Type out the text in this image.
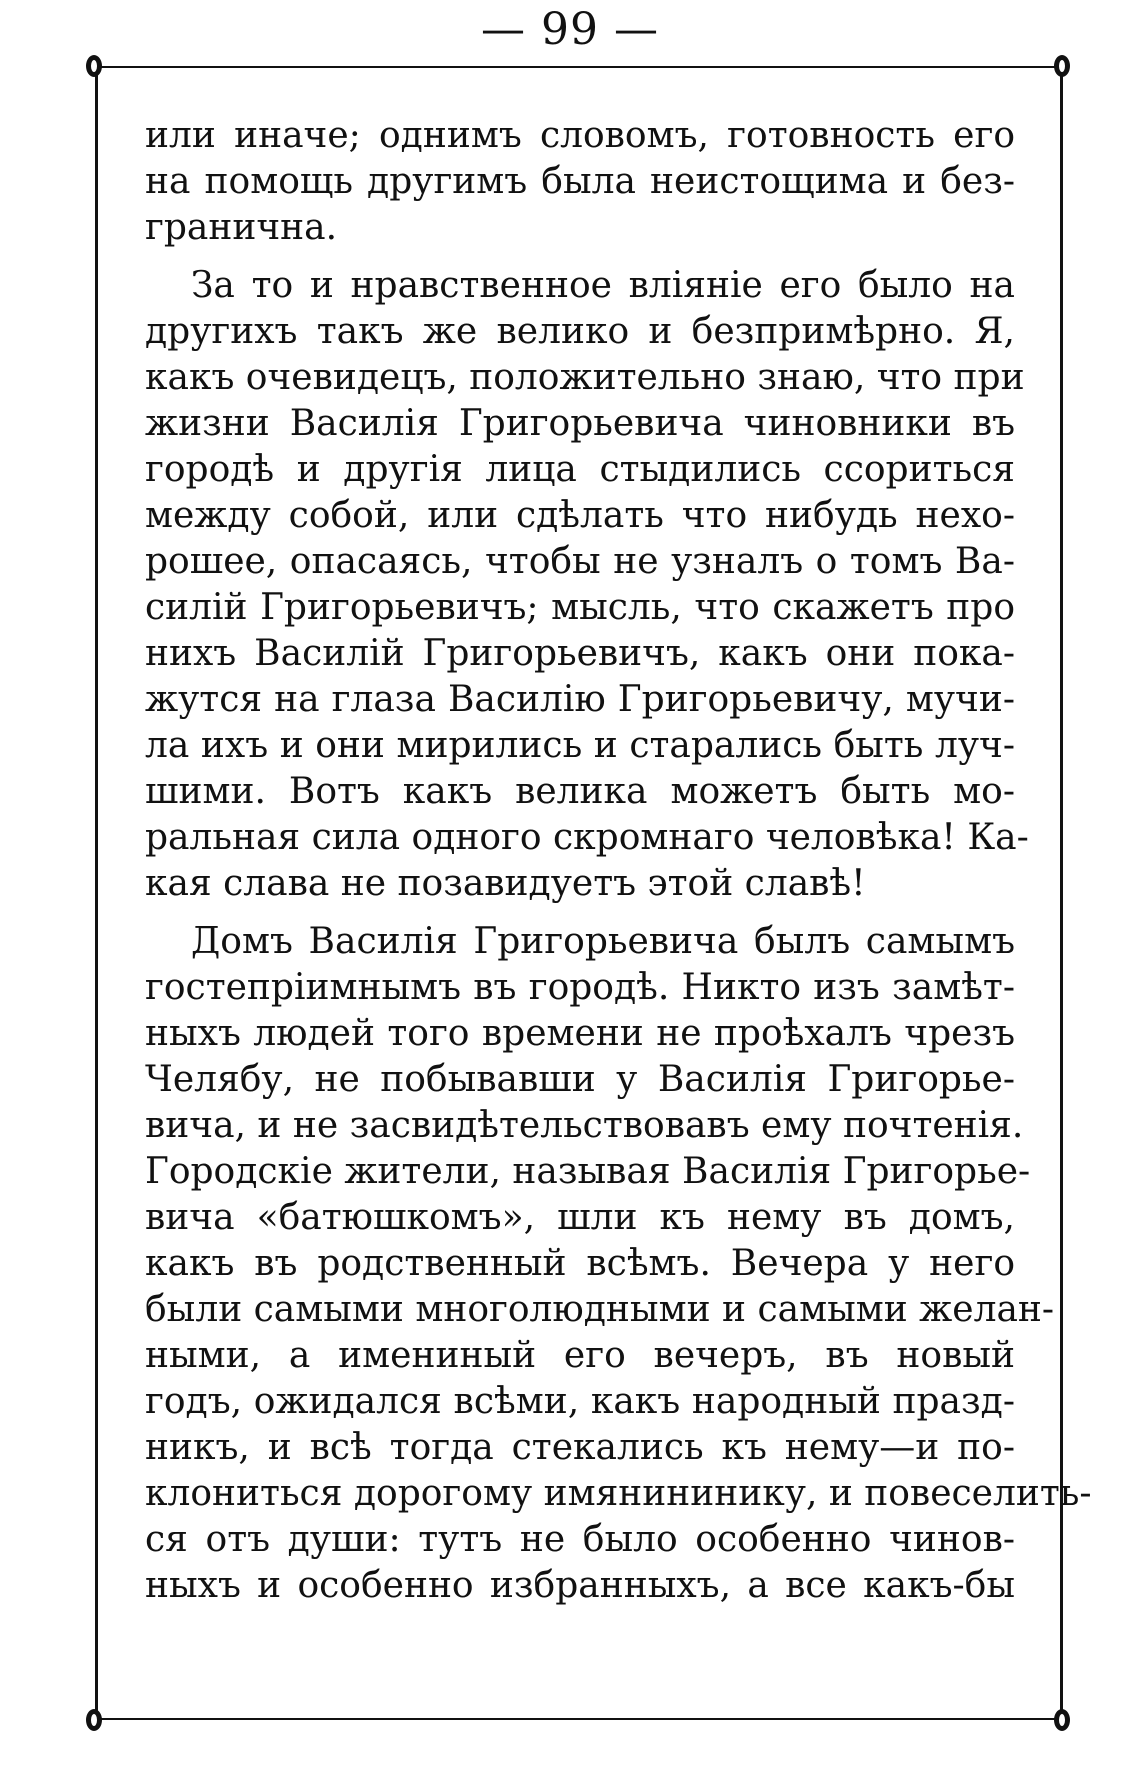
— 99 —
или иначе; однимъ словомъ, готовность его
на помощь другимъ была неистощима и без-
гранична.
За то и нравственное влiянiе его было на
другихъ такъ же велико и безпримѣрно. Я,
какъ очевидецъ, положительно знаю, что при
жизни Василiя Григорьевича чиновники въ
городѣ и другiя лица стыдились ссориться
между собой, или сдѣлать что нибудь нехо-
рошее, опасаясь, чтобы не узналъ о томъ Ва-
силiй Григорьевичъ; мысль, что скажетъ про
нихъ Василiй Григорьевичъ, какъ они пока-
жутся на глаза Василiю Григорьевичу, мучи-
ла ихъ и они мирились и старались быть луч-
шими. Вотъ какъ велика можетъ быть мо-
ральная сила одного скромнаго человѣка! Ка-
кая слава не позавидуетъ этой славѣ!
Домъ Василiя Григорьевича былъ самымъ
гостепрiимнымъ въ городѣ. Никто изъ замѣт-
ныхъ людей того времени не проѣхалъ чрезъ
Челябу, не побывавши у Василiя Григорье-
вича, и не засвидѣтельствовавъ ему почтенiя.
Городскiе жители, называя Василiя Григорье-
вича «батюшкомъ», шли къ нему въ домъ,
какъ въ родственный всѣмъ. Вечера у него
были самыми многолюдными и самыми желан-
ными, а имениный его вечеръ, въ новый
годъ, ожидался всѣми, какъ народный празд-
никъ, и всѣ тогда стекались къ нему—и по-
клониться дорогому имянининику, и повеселить-
ся отъ души: тутъ не было особенно чинов-
ныхъ и особенно избранныхъ, а все какъ-бы
